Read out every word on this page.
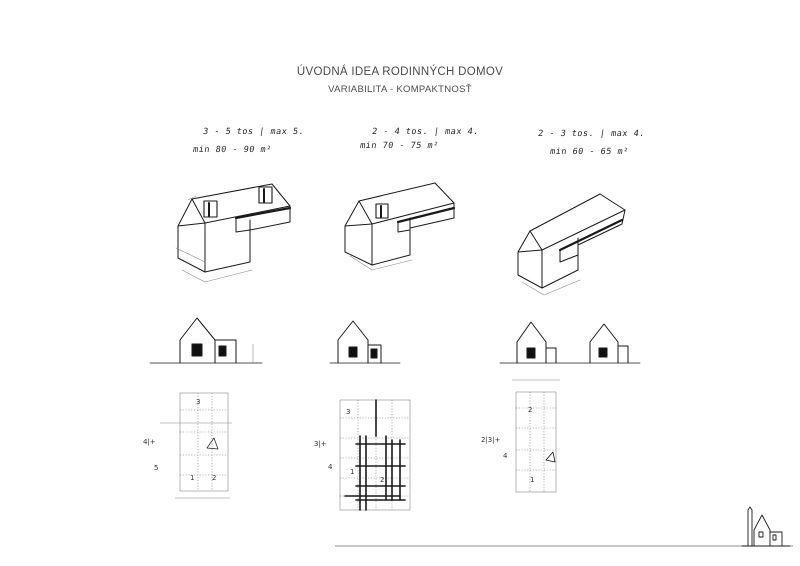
ÚVODNÁ IDEA RODINNÝCH DOMOV
VARIABILITA - KOMPAKTNOSŤ
3 - 5 tos | max 5.
min 80 - 90 m²
2 - 4 tos. | max 4.
min 70 - 75 m²
2 - 3 tos. | max 4.
min 60 - 65 m²
3
4|+
5
1	2
3
3|+
4
1
2
2
2|3|+
4
1
